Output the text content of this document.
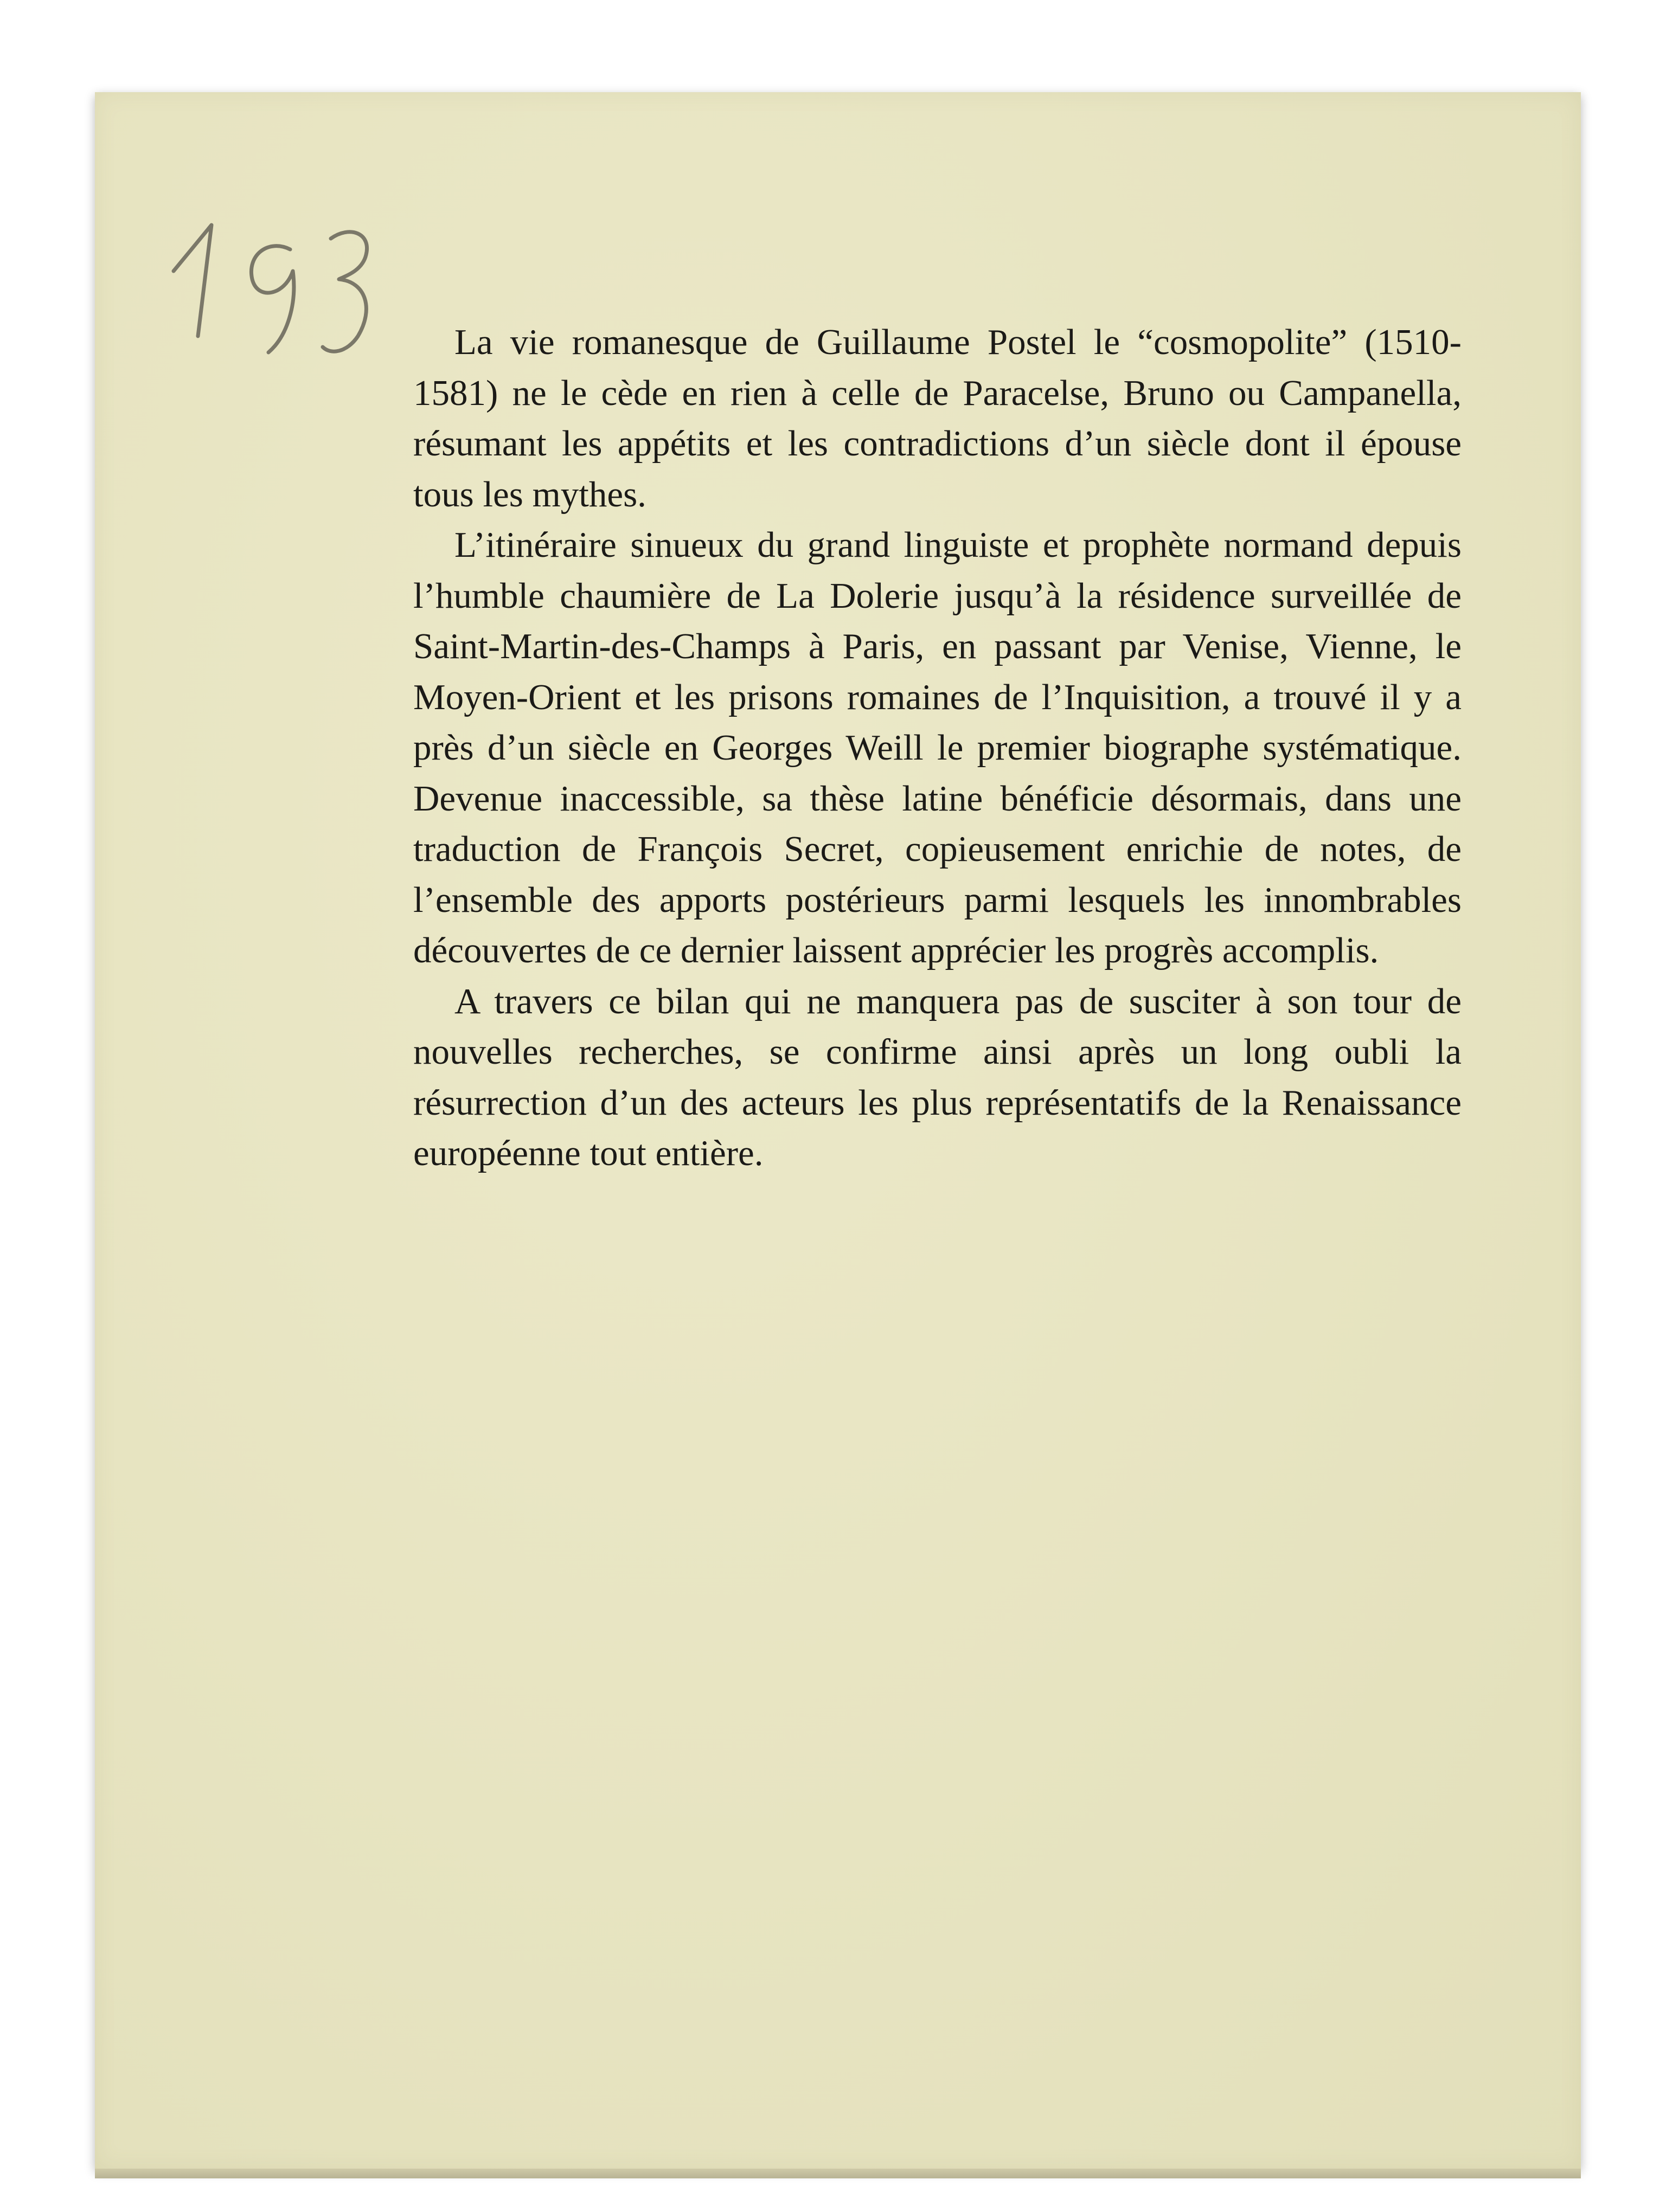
La vie romanesque de Guillaume Postel le “cosmopolite” (1510-1581) ne le cède en rien à celle de Paracelse, Bruno ou Campanella, résumant les appétits et les contradictions d’un siècle dont il épouse tous les mythes.

L’itinéraire sinueux du grand linguiste et prophète normand depuis l’humble chaumière de La Dolerie jusqu’à la résidence surveillée de Saint-Martin-des-Champs à Paris, en passant par Venise, Vienne, le Moyen-Orient et les prisons romaines de l’Inquisition, a trouvé il y a près d’un siècle en Georges Weill le premier biographe systématique. Devenue inaccessible, sa thèse latine bénéficie désormais, dans une traduction de François Secret, copieusement enrichie de notes, de l’ensemble des apports postérieurs parmi lesquels les innombrables découvertes de ce dernier laissent apprécier les progrès accomplis.

A travers ce bilan qui ne manquera pas de susciter à son tour de nouvelles recherches, se confirme ainsi après un long oubli la résurrection d’un des acteurs les plus représentatifs de la Renaissance européenne tout entière.
